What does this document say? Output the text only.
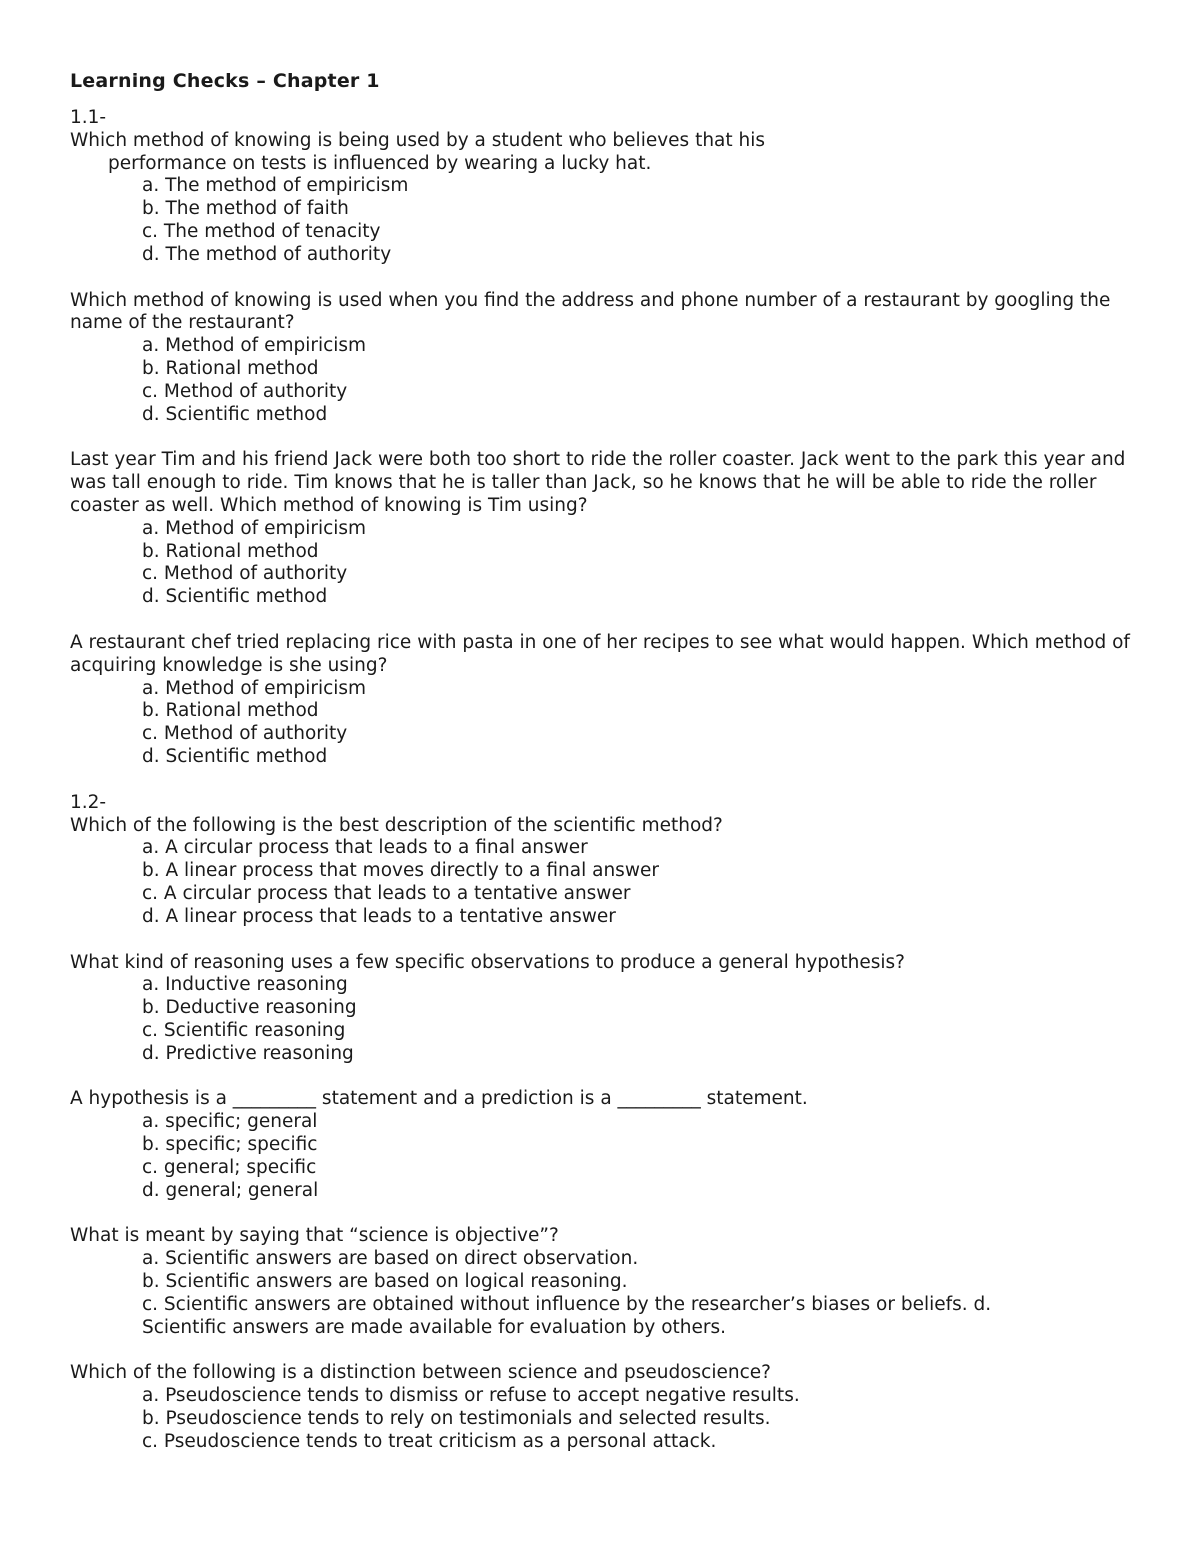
Learning Checks – Chapter 1
1.1-
Which method of knowing is being used by a student who believes that his
performance on tests is influenced by wearing a lucky hat.
a. The method of empiricism
b. The method of faith
c. The method of tenacity
d. The method of authority
Which method of knowing is used when you find the address and phone number of a restaurant by googling the name of the restaurant?
a. Method of empiricism
b. Rational method
c. Method of authority
d. Scientific method
Last year Tim and his friend Jack were both too short to ride the roller coaster. Jack went to the park this year and was tall enough to ride. Tim knows that he is taller than Jack, so he knows that he will be able to ride the roller coaster as well. Which method of knowing is Tim using?
a. Method of empiricism
b. Rational method
c. Method of authority
d. Scientific method
A restaurant chef tried replacing rice with pasta in one of her recipes to see what would happen. Which method of acquiring knowledge is she using?
a. Method of empiricism
b. Rational method
c. Method of authority
d. Scientific method
1.2-
Which of the following is the best description of the scientific method?
a. A circular process that leads to a final answer
b. A linear process that moves directly to a final answer
c. A circular process that leads to a tentative answer
d. A linear process that leads to a tentative answer
What kind of reasoning uses a few specific observations to produce a general hypothesis?
a. Inductive reasoning
b. Deductive reasoning
c. Scientific reasoning
d. Predictive reasoning
A hypothesis is a _________ statement and a prediction is a _________ statement.
a. specific; general
b. specific; specific
c. general; specific
d. general; general
What is meant by saying that “science is objective”?
a. Scientific answers are based on direct observation.
b. Scientific answers are based on logical reasoning.
c. Scientific answers are obtained without influence by the researcher’s biases or beliefs. d. Scientific answers are made available for evaluation by others.
Which of the following is a distinction between science and pseudoscience?
a. Pseudoscience tends to dismiss or refuse to accept negative results.
b. Pseudoscience tends to rely on testimonials and selected results.
c. Pseudoscience tends to treat criticism as a personal attack.
